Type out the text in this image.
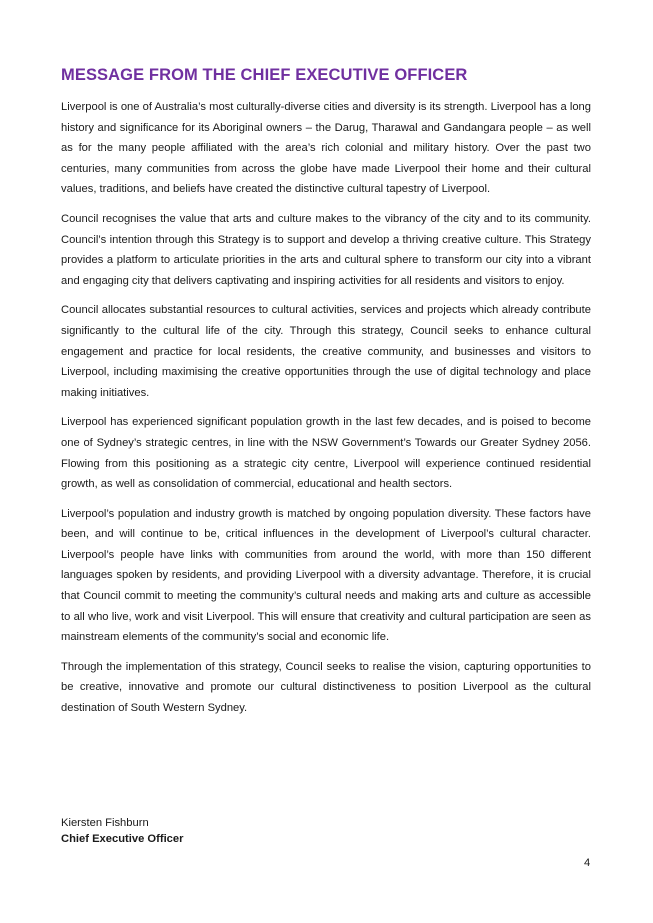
MESSAGE FROM THE CHIEF EXECUTIVE OFFICER

Liverpool is one of Australia’s most culturally-diverse cities and diversity is its strength. Liverpool has a long history and significance for its Aboriginal owners – the Darug, Tharawal and Gandangara people – as well as for the many people affiliated with the area’s rich colonial and military history. Over the past two centuries, many communities from across the globe have made Liverpool their home and their cultural values, traditions, and beliefs have created the distinctive cultural tapestry of Liverpool.

Council recognises the value that arts and culture makes to the vibrancy of the city and to its community. Council’s intention through this Strategy is to support and develop a thriving creative culture. This Strategy provides a platform to articulate priorities in the arts and cultural sphere to transform our city into a vibrant and engaging city that delivers captivating and inspiring activities for all residents and visitors to enjoy.

Council allocates substantial resources to cultural activities, services and projects which already contribute significantly to the cultural life of the city. Through this strategy, Council seeks to enhance cultural engagement and practice for local residents, the creative community, and businesses and visitors to Liverpool, including maximising the creative opportunities through the use of digital technology and place making initiatives.

Liverpool has experienced significant population growth in the last few decades, and is poised to become one of Sydney’s strategic centres, in line with the NSW Government’s Towards our Greater Sydney 2056. Flowing from this positioning as a strategic city centre, Liverpool will experience continued residential growth, as well as consolidation of commercial, educational and health sectors.

Liverpool’s population and industry growth is matched by ongoing population diversity. These factors have been, and will continue to be, critical influences in the development of Liverpool’s cultural character. Liverpool’s people have links with communities from around the world, with more than 150 different languages spoken by residents, and providing Liverpool with a diversity advantage. Therefore, it is crucial that Council commit to meeting the community’s cultural needs and making arts and culture as accessible to all who live, work and visit Liverpool. This will ensure that creativity and cultural participation are seen as mainstream elements of the community’s social and economic life.

Through the implementation of this strategy, Council seeks to realise the vision, capturing opportunities to be creative, innovative and promote our cultural distinctiveness to position Liverpool as the cultural destination of South Western Sydney.

Kiersten Fishburn
Chief Executive Officer
4
